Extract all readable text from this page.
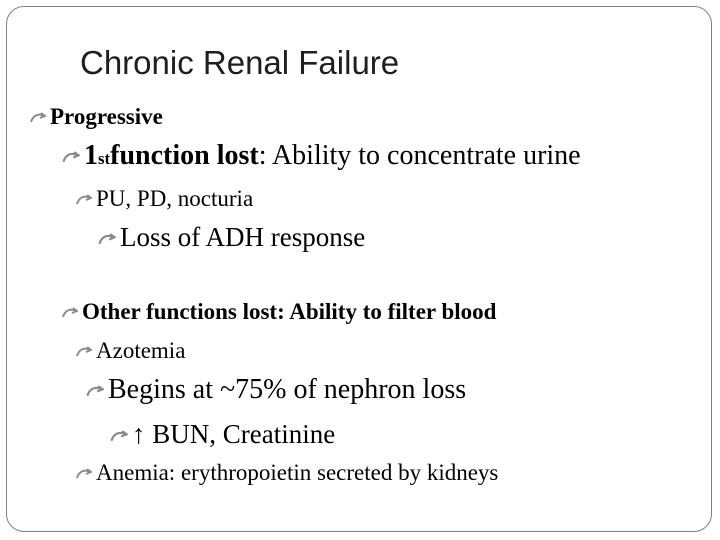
Chronic Renal Failure
Progressive
1 st function lost : Ability to concentrate urine
PU, PD, nocturia
Loss of ADH response
Other functions lost: Ability to filter blood
Azotemia
Begins at ~75% of nephron loss
↑ BUN, Creatinine
Anemia: erythropoietin secreted by kidneys
